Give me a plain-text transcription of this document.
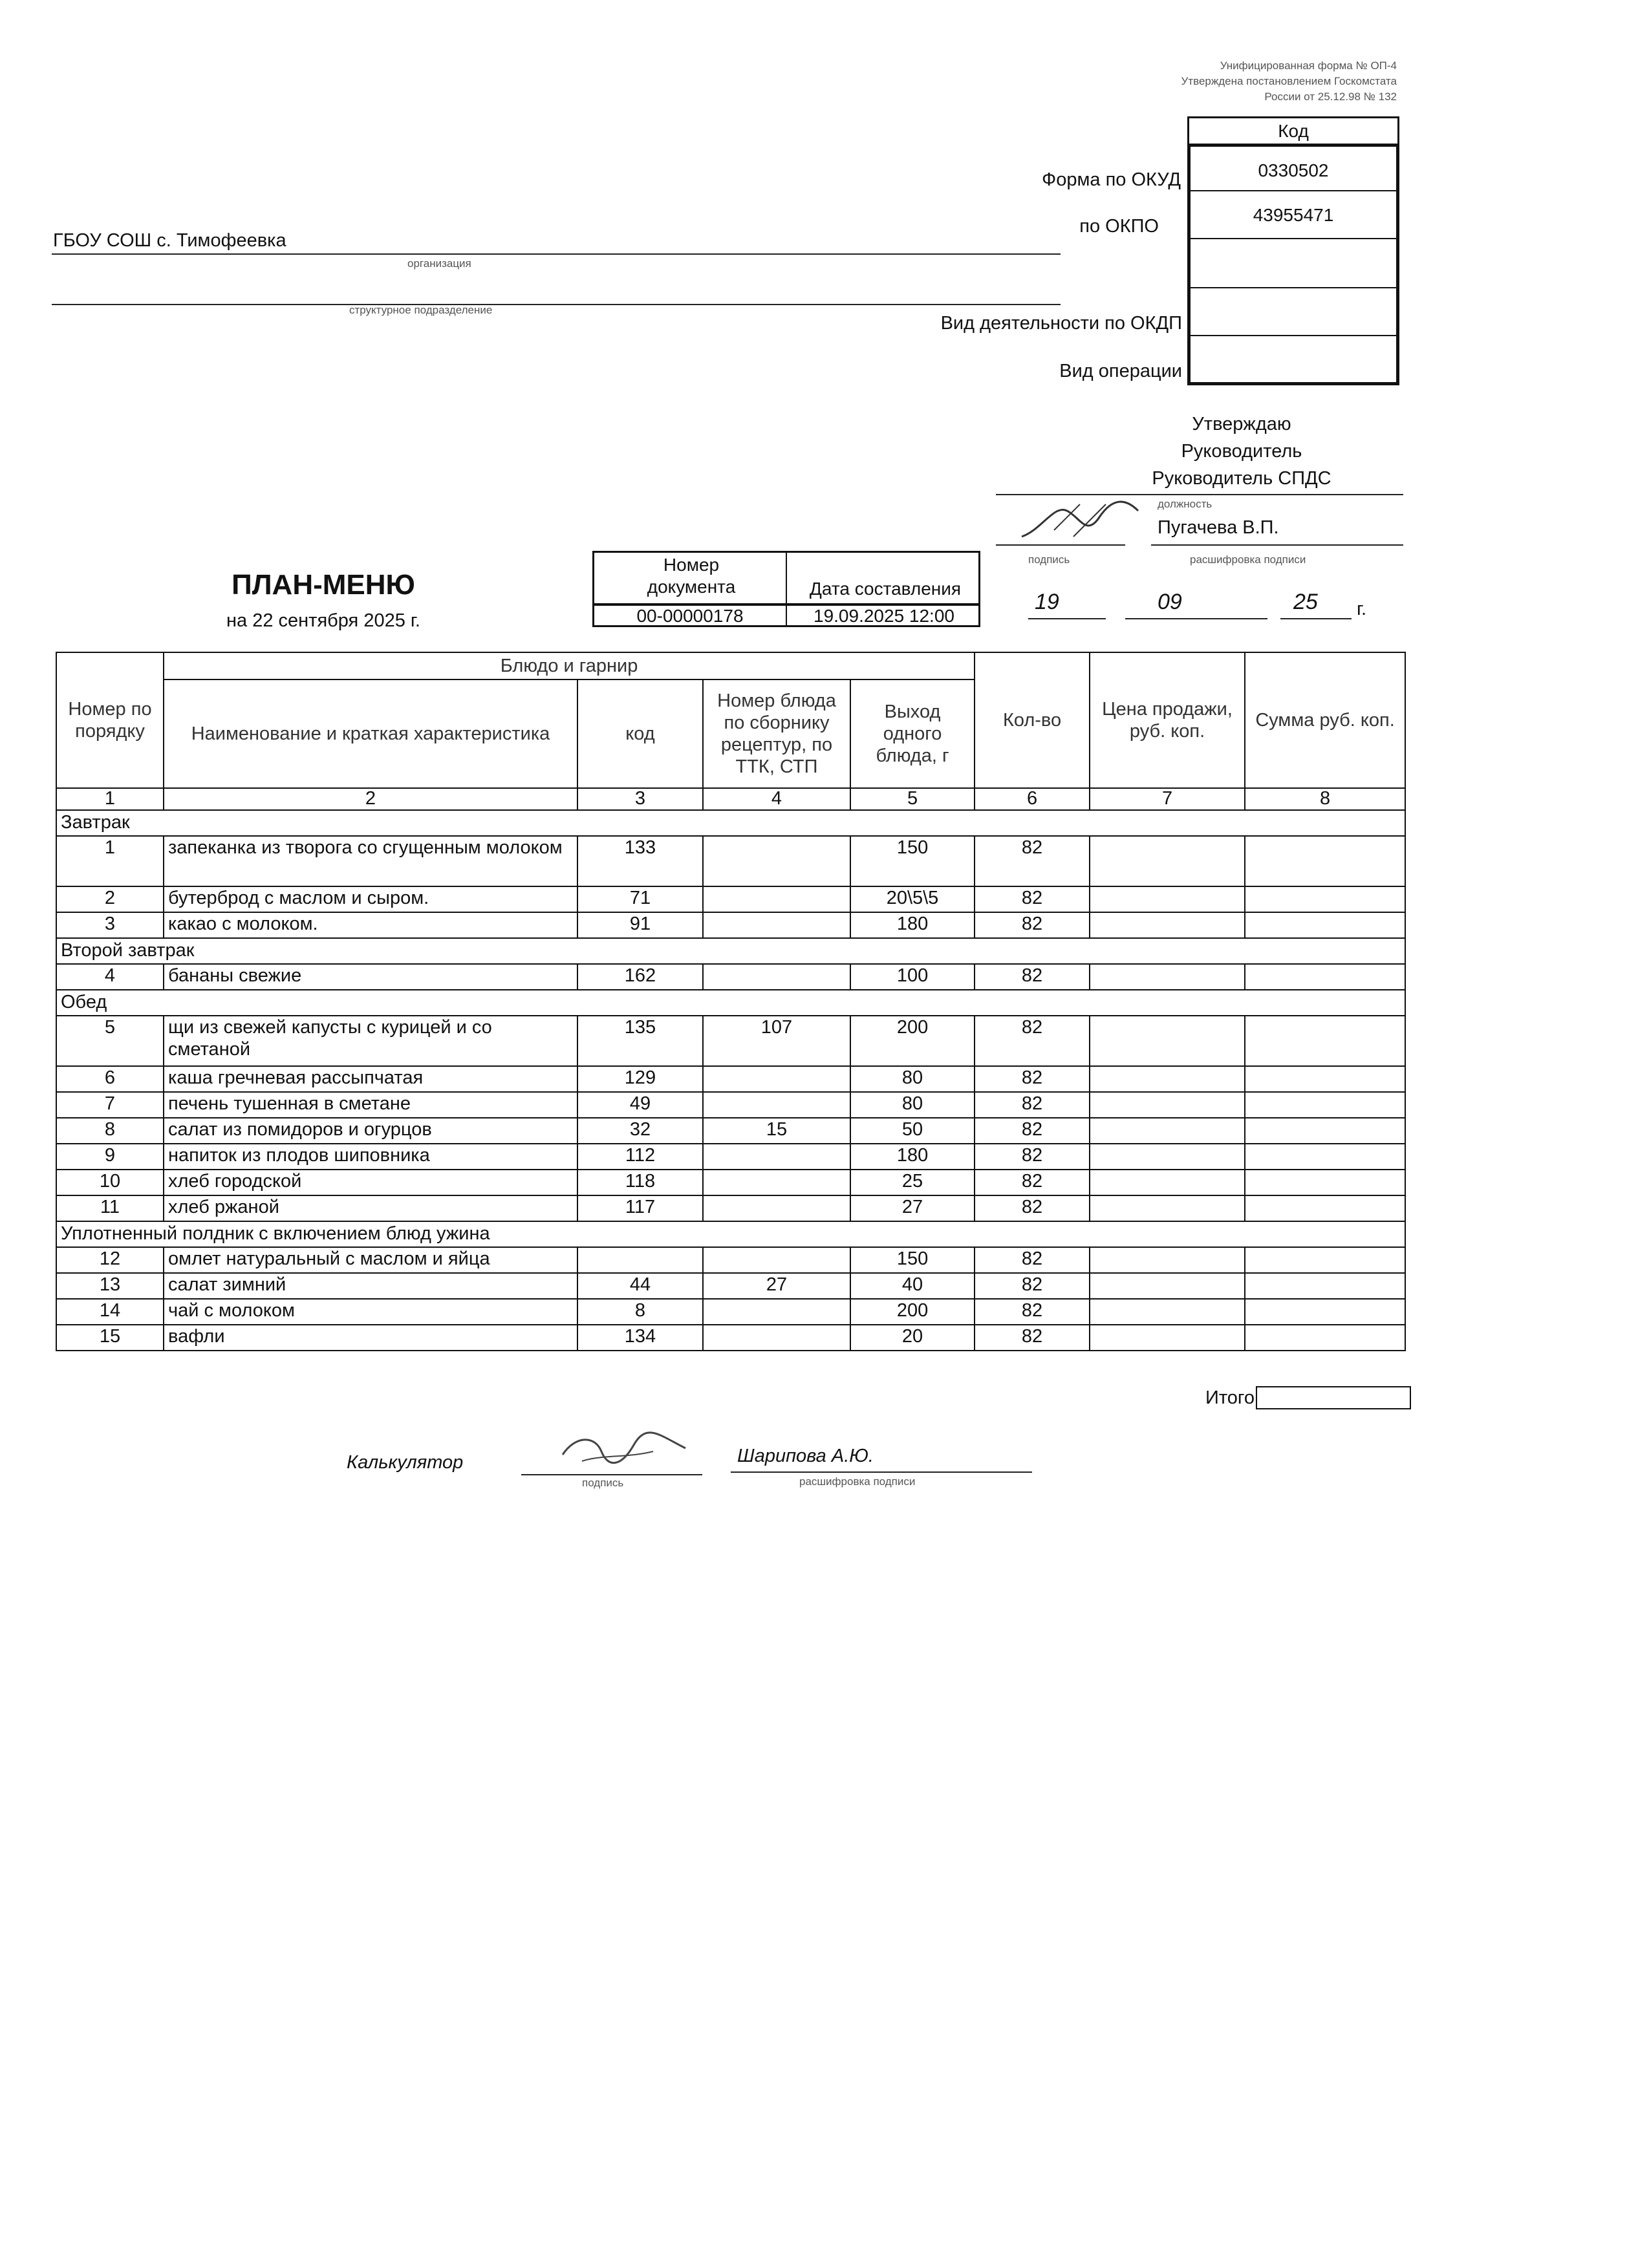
Унифицированная форма № ОП-4
Утверждена постановлением Госкомстата
России от 25.12.98 № 132
Код
0330502
43955471
Форма по ОКУД
по ОКПО
Вид деятельности по ОКДП
Вид операции
ГБОУ СОШ с. Тимофеевка
организация
структурное подразделение
Утверждаю
Руководитель
Руководитель СПДС
должность
Пугачева В.П.
подпись	расшифровка подписи
19	09	25 г.
ПЛАН-МЕНЮ
на 22 сентября 2025 г.
Номер документа	Дата составления
00-00000178	19.09.2025 12:00
Номер по порядку	Блюдо и гарнир				Кол-во	Цена продажи, руб. коп.	Сумма руб. коп.
	Наименование и краткая характеристика	код	Номер блюда по сборнику рецептур, по ТТК, СТП	Выход одного блюда, г			
1	2	3	4	5	6	7	8
Завтрак							
1	запеканка из творога со сгущенным молоком	133		150	82		
2	бутерброд с маслом и сыром.	71		20\5\5	82		
3	какао с молоком.	91		180	82		
Второй завтрак							
4	бананы свежие	162		100	82		
Обед							
5	щи из свежей капусты с курицей и со сметаной	135	107	200	82		
6	каша гречневая рассыпчатая	129		80	82		
7	печень тушенная в сметане	49		80	82		
8	салат из помидоров и огурцов	32	15	50	82		
9	напиток из плодов шиповника	112		180	82		
10	хлеб городской	118		25	82		
11	хлеб ржаной	117		27	82		
Уплотненный полдник с включением блюд ужина							
12	омлет натуральный с маслом и яйца			150	82		
13	салат зимний	44	27	40	82		
14	чай с молоком	8		200	82		
15	вафли	134		20	82		
Итого
Калькулятор
подпись
Шарипова А.Ю.
расшифровка подписи
